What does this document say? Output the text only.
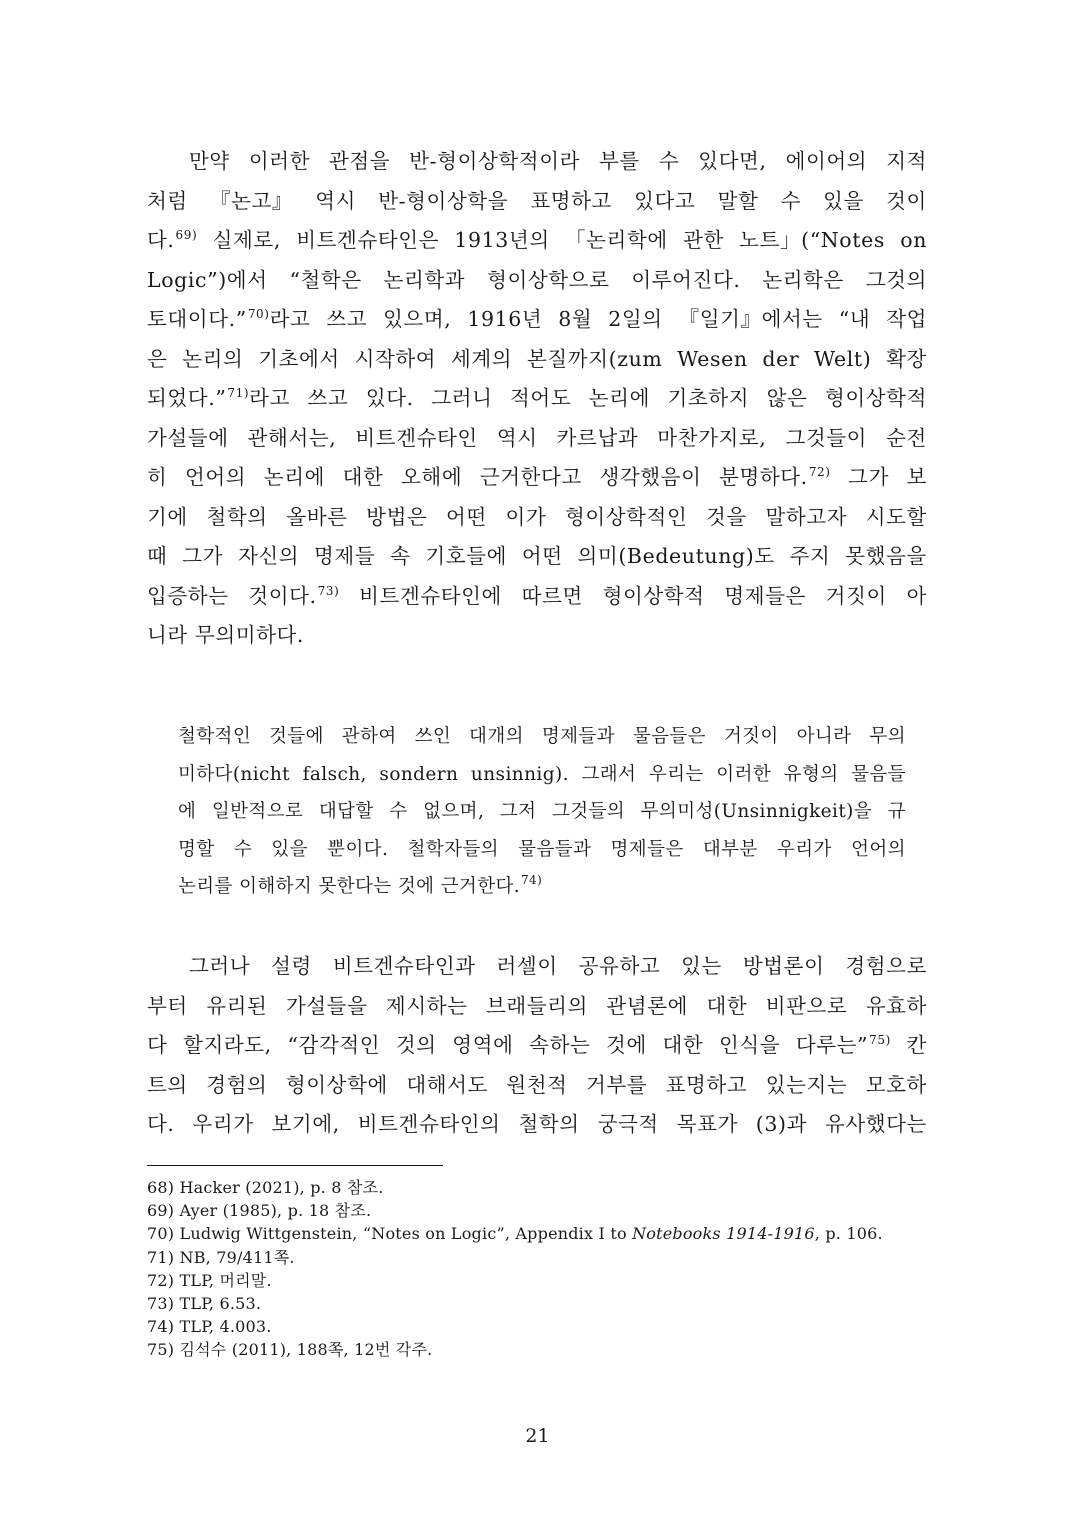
만약 이러한 관점을 반-형이상학적이라 부를 수 있다면, 에이어의 지적
처럼 『논고』 역시 반-형이상학을 표명하고 있다고 말할 수 있을 것이
다.$^{69)}$ 실제로, 비트겐슈타인은 1913년의 「논리학에 관한 노트」(“Notes on
Logic”)에서 “철학은 논리학과 형이상학으로 이루어진다. 논리학은 그것의
토대이다.”$^{70)}$라고 쓰고 있으며, 1916년 8월 2일의 『일기』에서는 “내 작업
은 논리의 기초에서 시작하여 세계의 본질까지(zum Wesen der Welt) 확장
되었다.”$^{71)}$라고 쓰고 있다. 그러니 적어도 논리에 기초하지 않은 형이상학적
가설들에 관해서는, 비트겐슈타인 역시 카르납과 마찬가지로, 그것들이 순전
히 언어의 논리에 대한 오해에 근거한다고 생각했음이 분명하다.$^{72)}$ 그가 보
기에 철학의 올바른 방법은 어떤 이가 형이상학적인 것을 말하고자 시도할
때 그가 자신의 명제들 속 기호들에 어떤 의미(Bedeutung)도 주지 못했음을
입증하는 것이다.$^{73)}$ 비트겐슈타인에 따르면 형이상학적 명제들은 거짓이 아
니라 무의미하다.
철학적인 것들에 관하여 쓰인 대개의 명제들과 물음들은 거짓이 아니라 무의
미하다(nicht falsch, sondern unsinnig). 그래서 우리는 이러한 유형의 물음들
에 일반적으로 대답할 수 없으며, 그저 그것들의 무의미성(Unsinnigkeit)을 규
명할 수 있을 뿐이다. 철학자들의 물음들과 명제들은 대부분 우리가 언어의
논리를 이해하지 못한다는 것에 근거한다.$^{74)}$
그러나 설령 비트겐슈타인과 러셀이 공유하고 있는 방법론이 경험으로
부터 유리된 가설들을 제시하는 브래들리의 관념론에 대한 비판으로 유효하
다 할지라도, “감각적인 것의 영역에 속하는 것에 대한 인식을 다루는”$^{75)}$ 칸
트의 경험의 형이상학에 대해서도 원천적 거부를 표명하고 있는지는 모호하
다. 우리가 보기에, 비트겐슈타인의 철학의 궁극적 목표가 (3)과 유사했다는
68) Hacker (2021), p. 8 참조.
69) Ayer (1985), p. 18 참조.
70) Ludwig Wittgenstein, “Notes on Logic”, Appendix Ⅰ to Notebooks 1914-1916, p. 106.
71) NB, 79/411쪽.
72) TLP, 머리말.
73) TLP, 6.53.
74) TLP, 4.003.
75) 김석수 (2011), 188쪽, 12번 각주.
21
